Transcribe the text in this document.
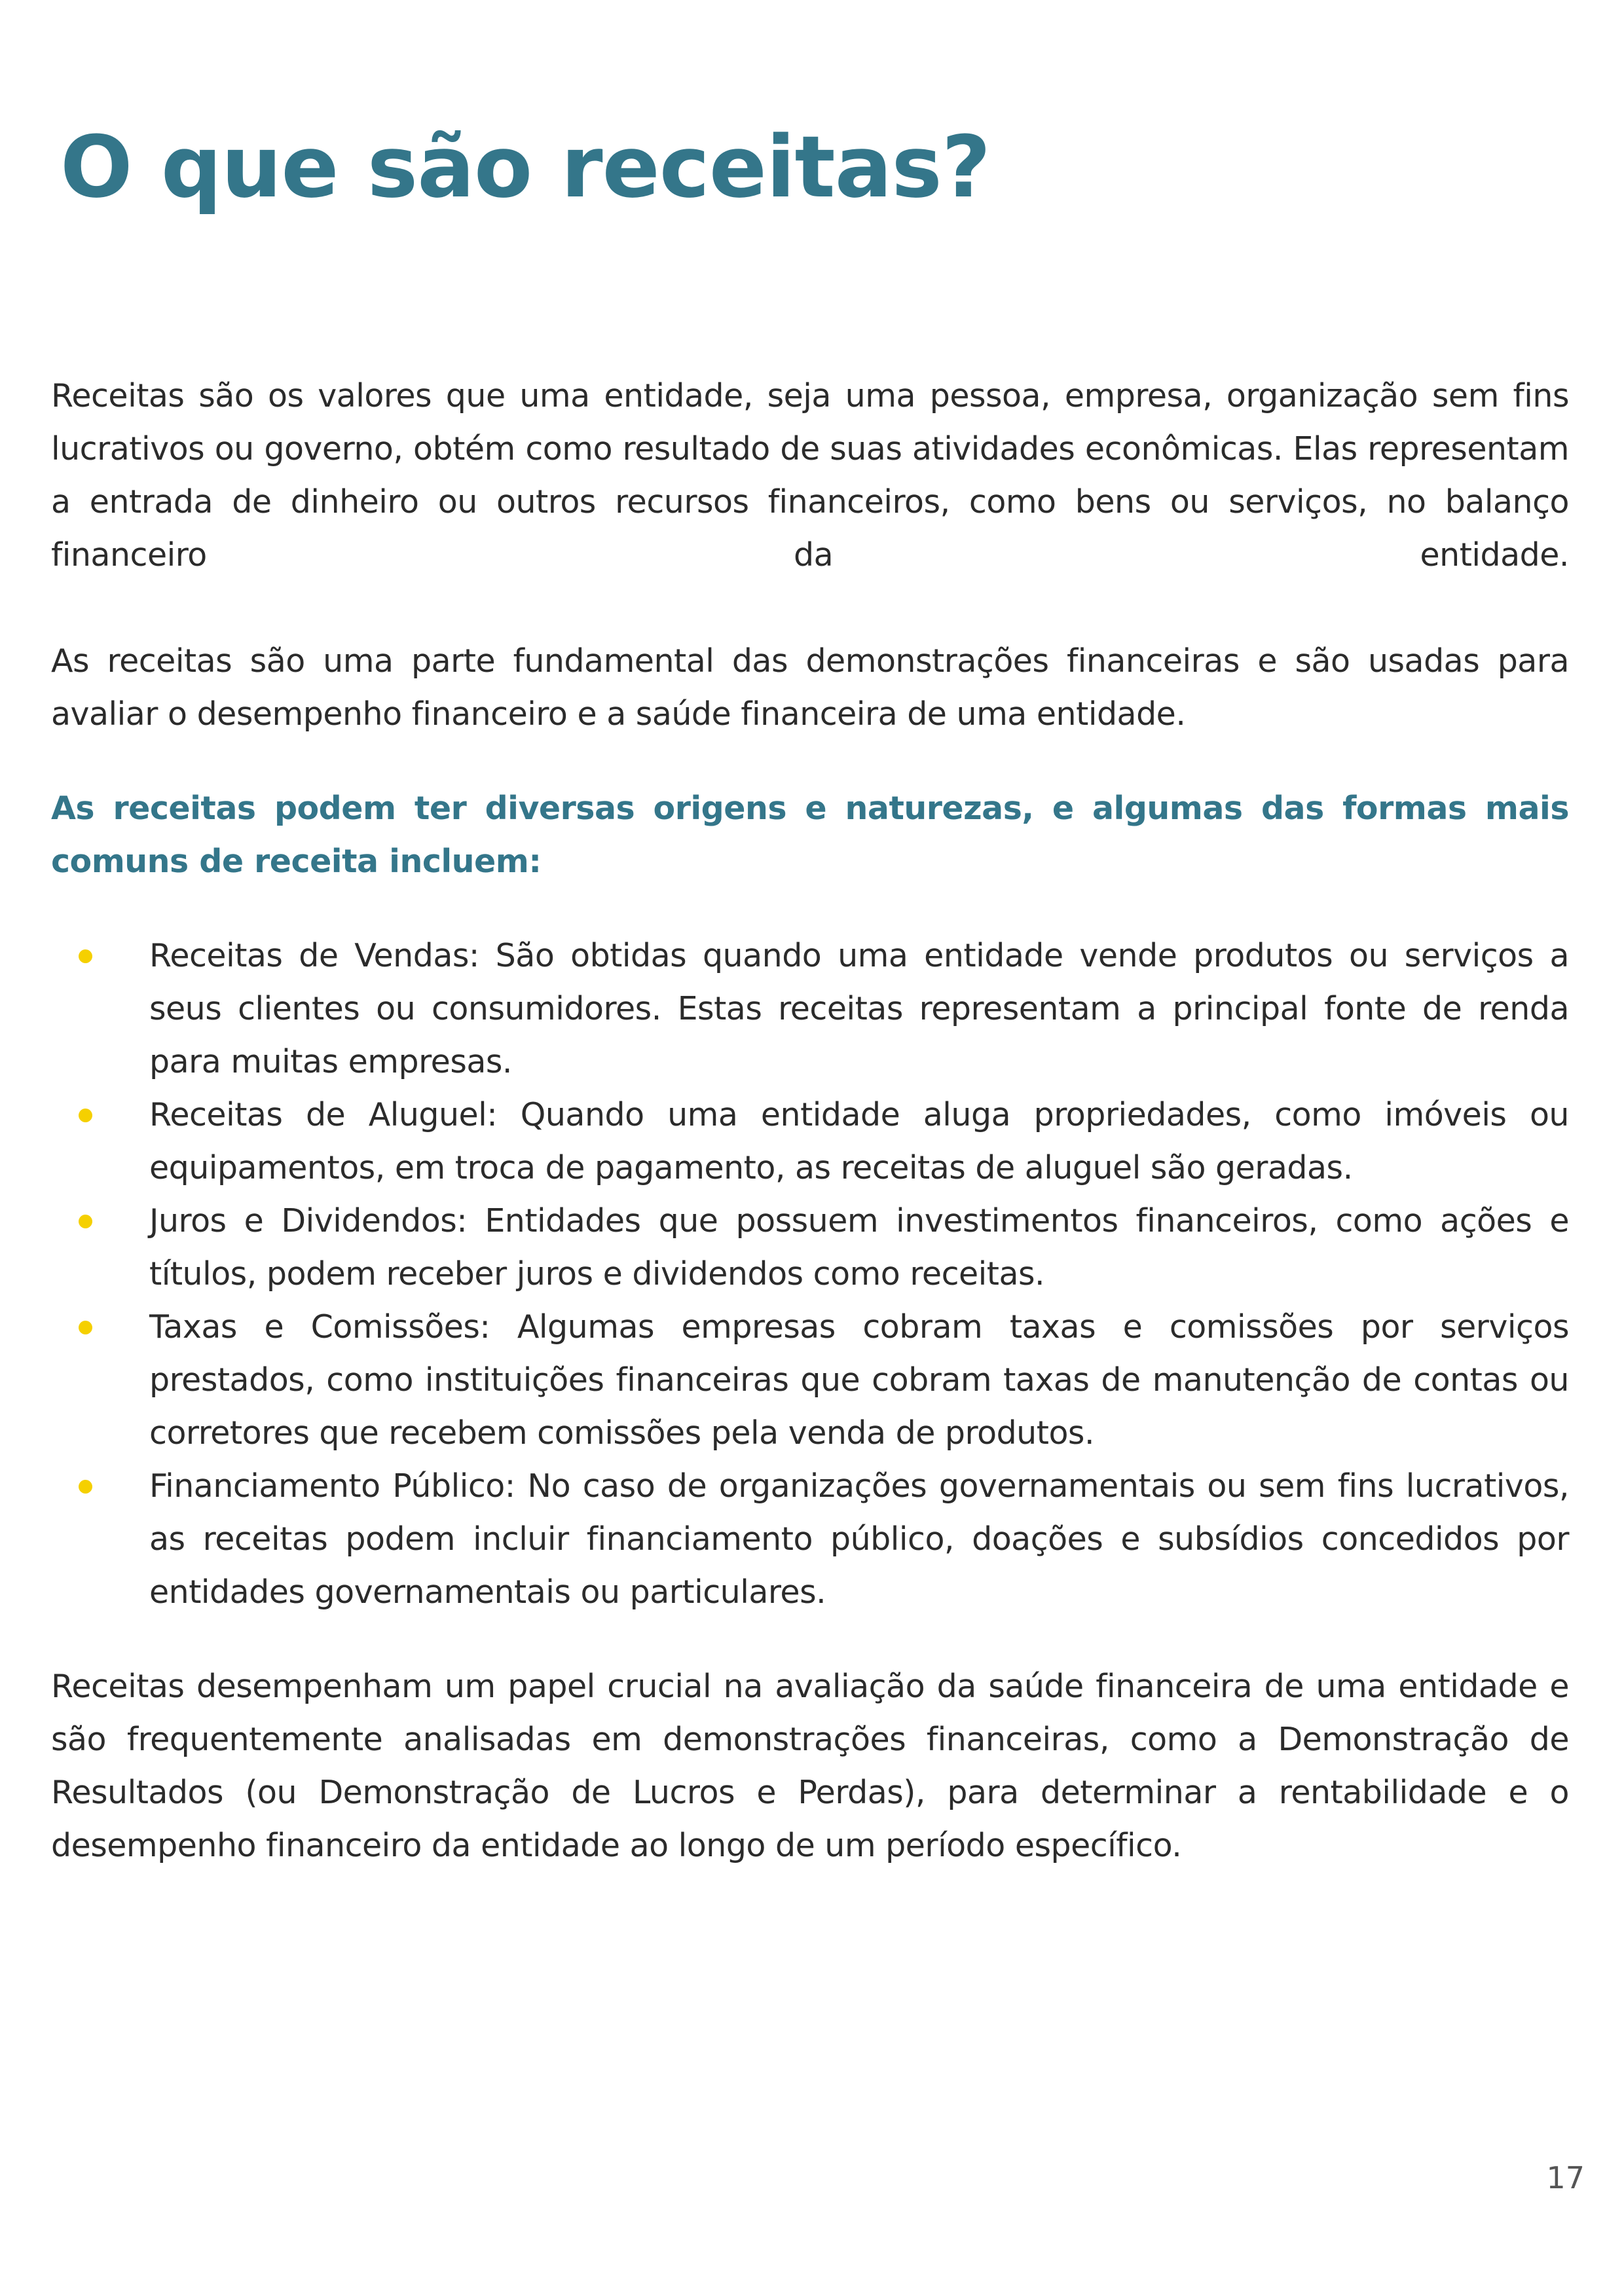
O que são receitas?

Receitas são os valores que uma entidade, seja uma pessoa, empresa, organização sem fins lucrativos ou governo, obtém como resultado de suas atividades econômicas. Elas representam a entrada de dinheiro ou outros recursos financeiros, como bens ou serviços, no balanço financeiro da entidade.

As receitas são uma parte fundamental das demonstrações financeiras e são usadas para avaliar o desempenho financeiro e a saúde financeira de uma entidade.

As receitas podem ter diversas origens e naturezas, e algumas das formas mais comuns de receita incluem:

Receitas de Vendas: São obtidas quando uma entidade vende produtos ou serviços a seus clientes ou consumidores. Estas receitas representam a principal fonte de renda para muitas empresas.
Receitas de Aluguel: Quando uma entidade aluga propriedades, como imóveis ou equipamentos, em troca de pagamento, as receitas de aluguel são geradas.
Juros e Dividendos: Entidades que possuem investimentos financeiros, como ações e títulos, podem receber juros e dividendos como receitas.
Taxas e Comissões: Algumas empresas cobram taxas e comissões por serviços prestados, como instituições financeiras que cobram taxas de manutenção de contas ou corretores que recebem comissões pela venda de produtos.
Financiamento Público: No caso de organizações governamentais ou sem fins lucrativos, as receitas podem incluir financiamento público, doações e subsídios concedidos por entidades governamentais ou particulares.

Receitas desempenham um papel crucial na avaliação da saúde financeira de uma entidade e são frequentemente analisadas em demonstrações financeiras, como a Demonstração de Resultados (ou Demonstração de Lucros e Perdas), para determinar a rentabilidade e o desempenho financeiro da entidade ao longo de um período específico.

17
